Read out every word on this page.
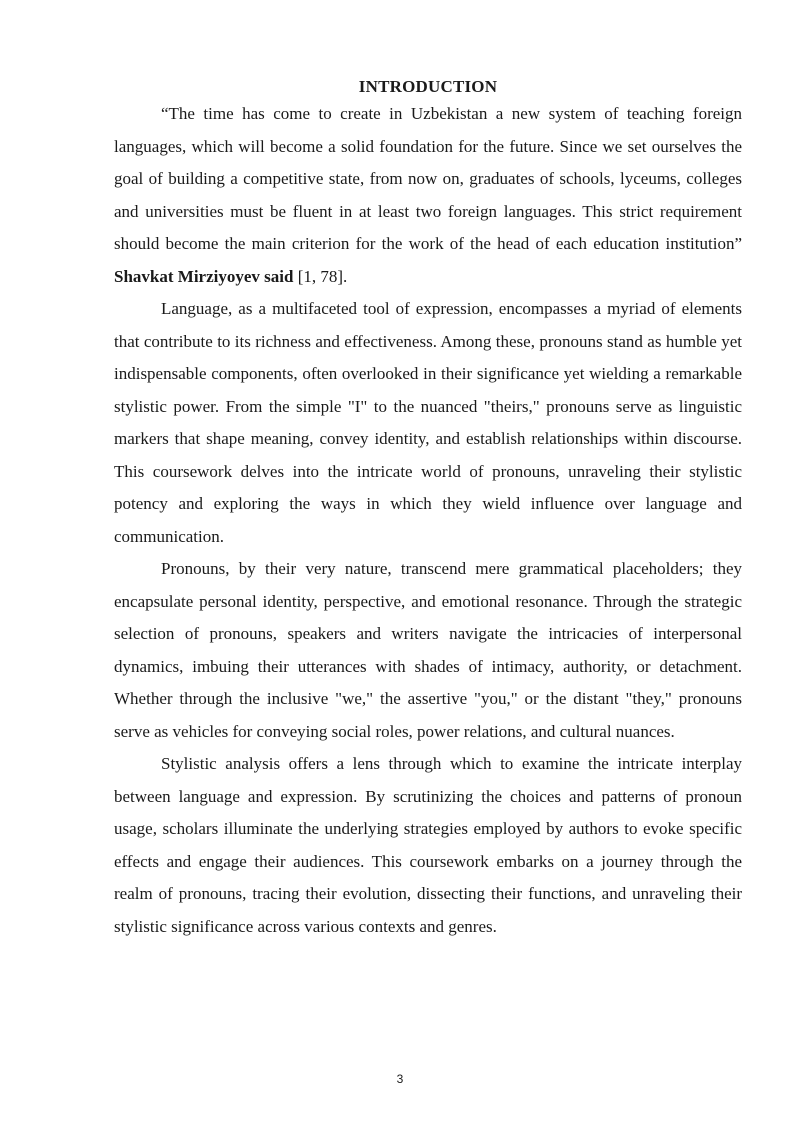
INTRODUCTION

“The time has come to create in Uzbekistan a new system of teaching foreign languages, which will become a solid foundation for the future. Since we set ourselves the goal of building a competitive state, from now on, graduates of schools, lyceums, colleges and universities must be fluent in at least two foreign languages. This strict requirement should become the main criterion for the work of the head of each education institution” Shavkat Mirziyoyev said [1, 78].

Language, as a multifaceted tool of expression, encompasses a myriad of elements that contribute to its richness and effectiveness. Among these, pronouns stand as humble yet indispensable components, often overlooked in their significance yet wielding a remarkable stylistic power. From the simple "I" to the nuanced "theirs," pronouns serve as linguistic markers that shape meaning, convey identity, and establish relationships within discourse. This coursework delves into the intricate world of pronouns, unraveling their stylistic potency and exploring the ways in which they wield influence over language and communication.

Pronouns, by their very nature, transcend mere grammatical placeholders; they encapsulate personal identity, perspective, and emotional resonance. Through the strategic selection of pronouns, speakers and writers navigate the intricacies of interpersonal dynamics, imbuing their utterances with shades of intimacy, authority, or detachment. Whether through the inclusive "we," the assertive "you," or the distant "they," pronouns serve as vehicles for conveying social roles, power relations, and cultural nuances.

Stylistic analysis offers a lens through which to examine the intricate interplay between language and expression. By scrutinizing the choices and patterns of pronoun usage, scholars illuminate the underlying strategies employed by authors to evoke specific effects and engage their audiences. This coursework embarks on a journey through the realm of pronouns, tracing their evolution, dissecting their functions, and unraveling their stylistic significance across various contexts and genres.

3
